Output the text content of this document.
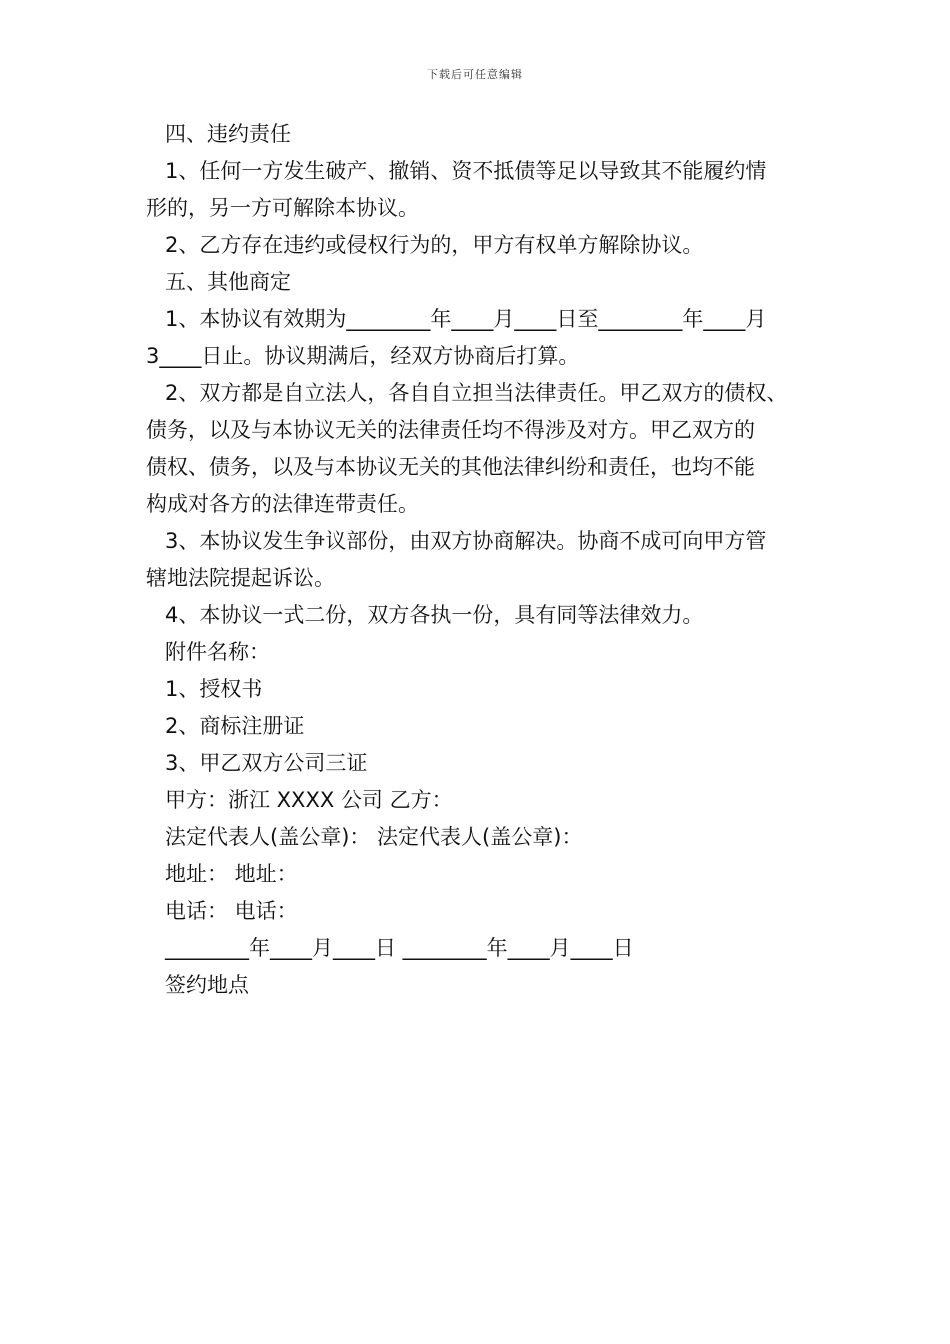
下载后可任意编辑

四、违约责任

1、任何一方发生破产、撤销、资不抵债等足以导致其不能履约情

形的，另一方可解除本协议。

2、乙方存在违约或侵权行为的，甲方有权单方解除协议。

五、其他商定

1、本协议有效期为________年____月____日至________年____月

3____日止。协议期满后，经双方协商后打算。

2、双方都是自立法人，各自自立担当法律责任。甲乙双方的债权、

债务，以及与本协议无关的法律责任均不得涉及对方。甲乙双方的

债权、债务，以及与本协议无关的其他法律纠纷和责任，也均不能

构成对各方的法律连带责任。

3、本协议发生争议部份，由双方协商解决。协商不成可向甲方管

辖地法院提起诉讼。

4、本协议一式二份，双方各执一份，具有同等法律效力。

附件名称：

1、授权书

2、商标注册证

3、甲乙双方公司三证

甲方：浙江 XXXX 公司 乙方：

法定代表人(盖公章)： 法定代表人(盖公章)：

地址： 地址：

电话： 电话：

________年____月____日 ________年____月____日

签约地点
